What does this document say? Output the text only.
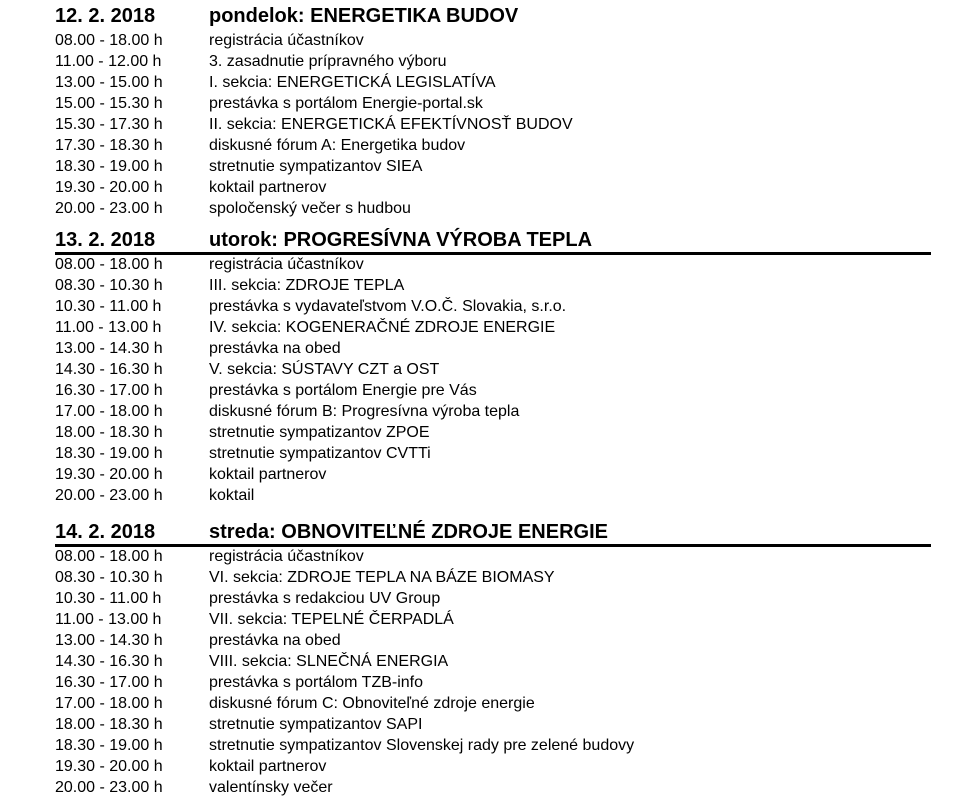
12. 2. 2018	pondelok: ENERGETIKA BUDOV
08.00 - 18.00 h	registrácia účastníkov
11.00 - 12.00 h	3. zasadnutie prípravného výboru
13.00 - 15.00 h	I. sekcia: ENERGETICKÁ LEGISLATÍVA
15.00 - 15.30 h	prestávka s portálom Energie-portal.sk
15.30 - 17.30 h	II. sekcia: ENERGETICKÁ EFEKTÍVNOSŤ BUDOV
17.30 - 18.30 h	diskusné fórum A: Energetika budov
18.30 - 19.00 h	stretnutie sympatizantov SIEA
19.30 - 20.00 h	koktail partnerov
20.00 - 23.00 h	spoločenský večer s hudbou
13. 2. 2018	utorok: PROGRESÍVNA VÝROBA TEPLA
08.00 - 18.00 h	registrácia účastníkov
08.30 - 10.30 h	III. sekcia: ZDROJE TEPLA
10.30 - 11.00 h	prestávka s vydavateľstvom V.O.Č. Slovakia, s.r.o.
11.00 - 13.00 h	IV. sekcia: KOGENERAČNÉ ZDROJE ENERGIE
13.00 - 14.30 h	prestávka na obed
14.30 - 16.30 h	V. sekcia: SÚSTAVY CZT a OST
16.30 - 17.00 h	prestávka s portálom Energie pre Vás
17.00 - 18.00 h	diskusné fórum B: Progresívna výroba tepla
18.00 - 18.30 h	stretnutie sympatizantov ZPOE
18.30 - 19.00 h	stretnutie sympatizantov CVTTi
19.30 - 20.00 h	koktail partnerov
20.00 - 23.00 h	koktail
14. 2. 2018	streda: OBNOVITEĽNÉ ZDROJE ENERGIE
08.00 - 18.00 h	registrácia účastníkov
08.30 - 10.30 h	VI. sekcia: ZDROJE TEPLA NA BÁZE BIOMASY
10.30 - 11.00 h	prestávka s redakciou UV Group
11.00 - 13.00 h	VII. sekcia: TEPELNÉ ČERPADLÁ
13.00 - 14.30 h	prestávka na obed
14.30 - 16.30 h	VIII. sekcia: SLNEČNÁ ENERGIA
16.30 - 17.00 h	prestávka s portálom TZB-info
17.00 - 18.00 h	diskusné fórum C: Obnoviteľné zdroje energie
18.00 - 18.30 h	stretnutie sympatizantov SAPI
18.30 - 19.00 h	stretnutie sympatizantov Slovenskej rady pre zelené budovy
19.30 - 20.00 h	koktail partnerov
20.00 - 23.00 h	valentínsky večer
